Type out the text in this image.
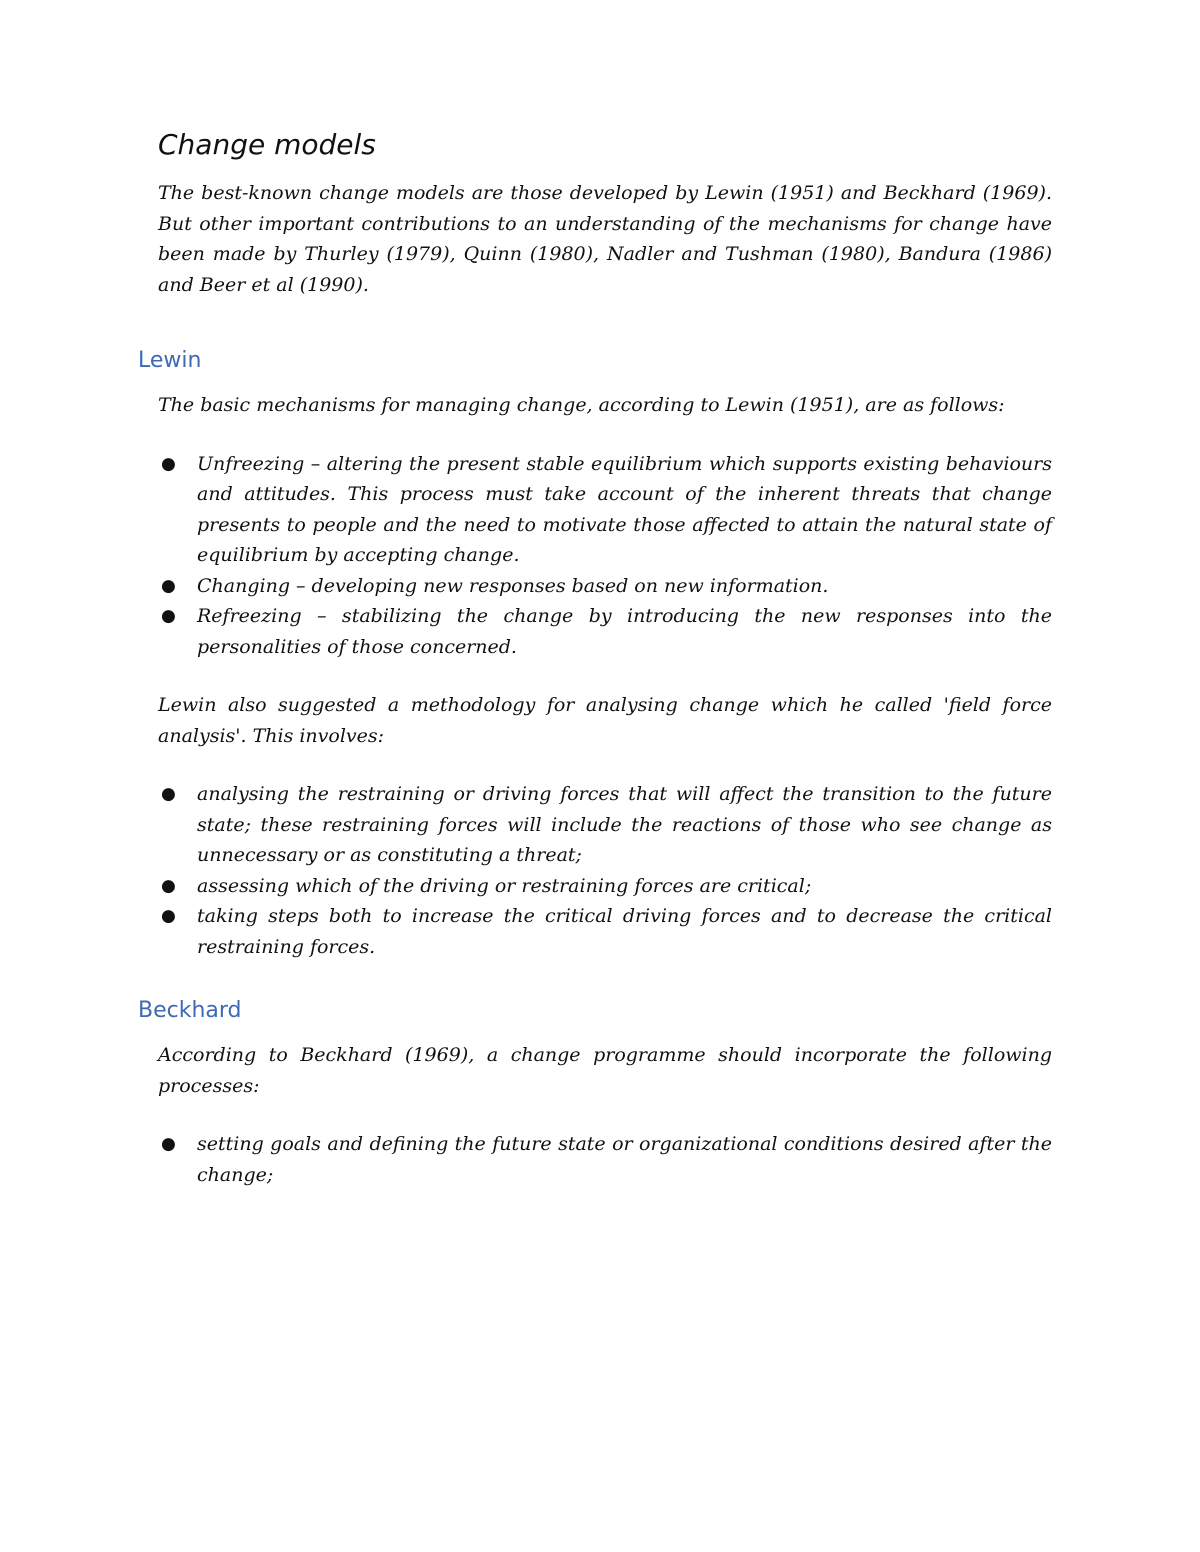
Change models

The best-known change models are those developed by Lewin (1951) and Beckhard (1969). But other important contributions to an understanding of the mechanisms for change have been made by Thurley (1979), Quinn (1980), Nadler and Tushman (1980), Bandura (1986) and Beer et al (1990).

Lewin

The basic mechanisms for managing change, according to Lewin (1951), are as follows:

● Unfreezing – altering the present stable equilibrium which supports existing behaviours and attitudes. This process must take account of the inherent threats that change presents to people and the need to motivate those affected to attain the natural state of equilibrium by accepting change.
● Changing – developing new responses based on new information.
● Refreezing – stabilizing the change by introducing the new responses into the personalities of those concerned.

Lewin also suggested a methodology for analysing change which he called 'field force analysis'. This involves:

● analysing the restraining or driving forces that will affect the transition to the future state; these restraining forces will include the reactions of those who see change as unnecessary or as constituting a threat;
● assessing which of the driving or restraining forces are critical;
● taking steps both to increase the critical driving forces and to decrease the critical restraining forces.
Beckhard

According to Beckhard (1969), a change programme should incorporate the following processes:

● setting goals and defining the future state or organizational conditions desired after the change;
